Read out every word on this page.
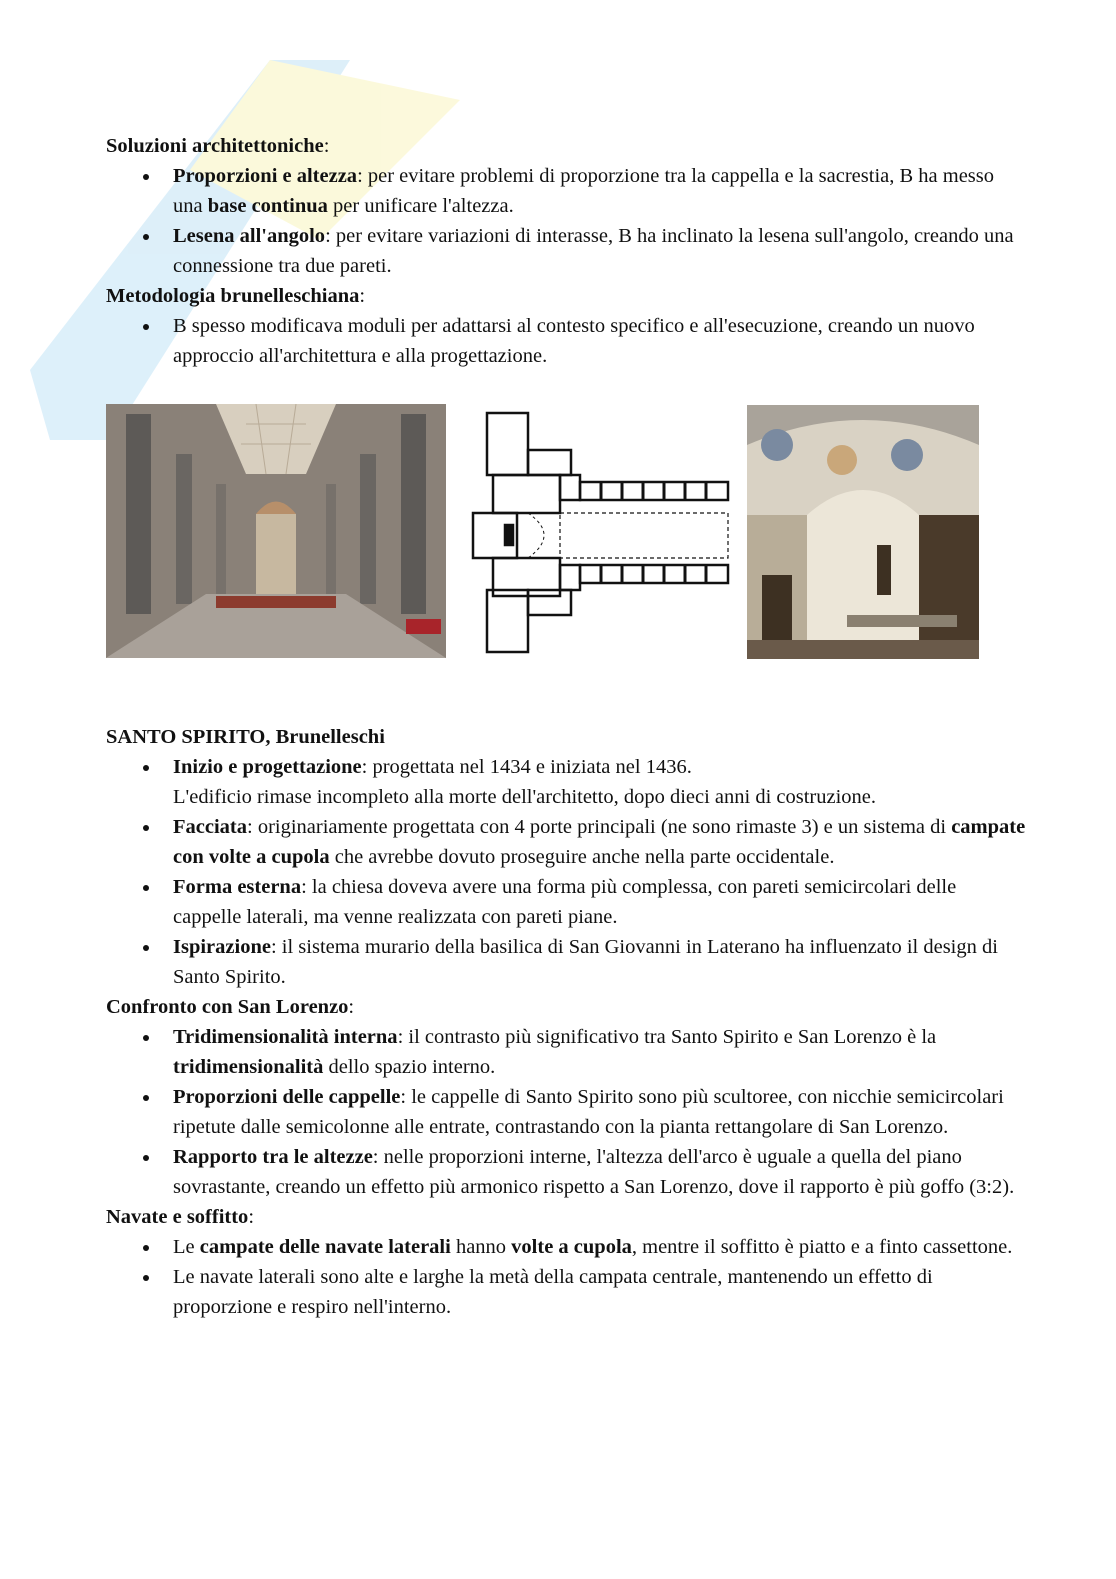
Soluzioni architettoniche:

Proporzioni e altezza: per evitare problemi di proporzione tra la cappella e la sacrestia, B ha messo una base continua per unificare l'altezza.
Lesena all'angolo: per evitare variazioni di interasse, B ha inclinato la lesena sull'angolo, creando una connessione tra due pareti.

Metodologia brunelleschiana:

B spesso modificava moduli per adattarsi al contesto specifico e all'esecuzione, creando un nuovo approccio all'architettura e alla progettazione.

SANTO SPIRITO, Brunelleschi

Inizio e progettazione: progettata nel 1434 e iniziata nel 1436.
L'edificio rimase incompleto alla morte dell'architetto, dopo dieci anni di costruzione.
Facciata: originariamente progettata con 4 porte principali (ne sono rimaste 3) e un sistema di campate con volte a cupola che avrebbe dovuto proseguire anche nella parte occidentale.
Forma esterna: la chiesa doveva avere una forma più complessa, con pareti semicircolari delle cappelle laterali, ma venne realizzata con pareti piane.
Ispirazione: il sistema murario della basilica di San Giovanni in Laterano ha influenzato il design di Santo Spirito.

Confronto con San Lorenzo:

Tridimensionalità interna: il contrasto più significativo tra Santo Spirito e San Lorenzo è la tridimensionalità dello spazio interno.
Proporzioni delle cappelle: le cappelle di Santo Spirito sono più scultoree, con nicchie semicircolari ripetute dalle semicolonne alle entrate, contrastando con la pianta rettangolare di San Lorenzo.
Rapporto tra le altezze: nelle proporzioni interne, l'altezza dell'arco è uguale a quella del piano sovrastante, creando un effetto più armonico rispetto a San Lorenzo, dove il rapporto è più goffo (3:2).

Navate e soffitto:

Le campate delle navate laterali hanno volte a cupola, mentre il soffitto è piatto e a finto cassettone.
Le navate laterali sono alte e larghe la metà della campata centrale, mantenendo un effetto di proporzione e respiro nell'interno.
